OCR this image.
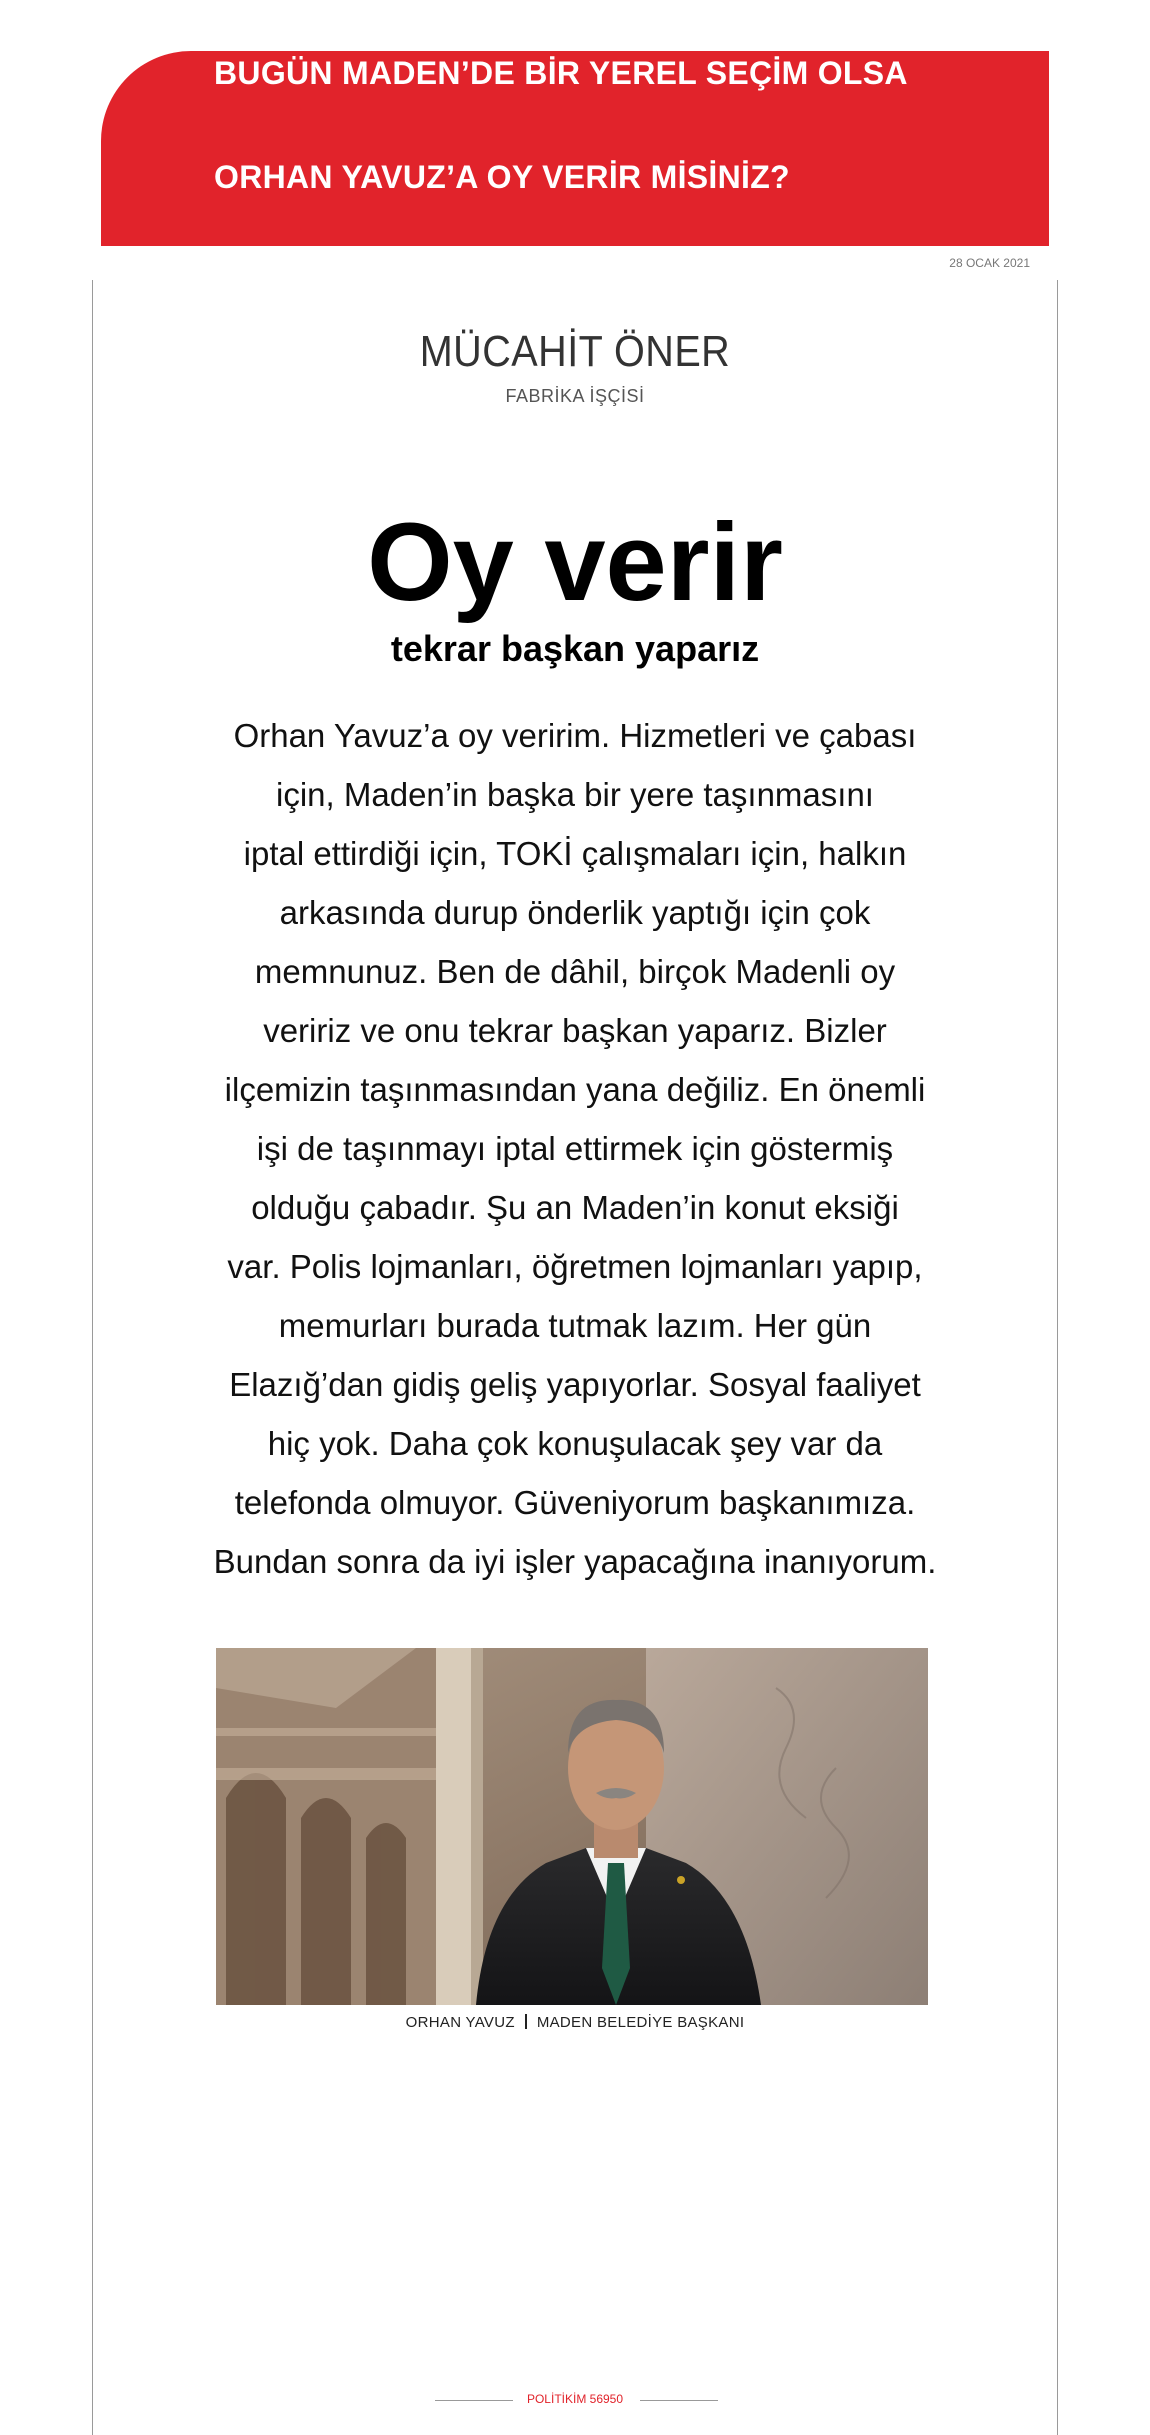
BUGÜN MADEN’DE BİR YEREL SEÇİM OLSA
ORHAN YAVUZ’A OY VERİR MİSİNİZ?
28 OCAK 2021
MÜCAHİT ÖNER
FABRİKA İŞÇİSİ
Oy verir
tekrar başkan yaparız

Orhan Yavuz’a oy veririm. Hizmetleri ve çabası

için, Maden’in başka bir yere taşınmasını

iptal ettirdiği için, TOKİ çalışmaları için, halkın

arkasında durup önderlik yaptığı için çok

memnunuz. Ben de dâhil, birçok Madenli oy

veririz ve onu tekrar başkan yaparız. Bizler

ilçemizin taşınmasından yana değiliz. En önemli

işi de taşınmayı iptal ettirmek için göstermiş

olduğu çabadır. Şu an Maden’in konut eksiği

var. Polis lojmanları, öğretmen lojmanları yapıp,

memurları burada tutmak lazım. Her gün

Elazığ’dan gidiş geliş yapıyorlar. Sosyal faaliyet

hiç yok. Daha çok konuşulacak şey var da

telefonda olmuyor. Güveniyorum başkanımıza.

Bundan sonra da iyi işler yapacağına inanıyorum.

ORHAN YAVUZ MADEN BELEDİYE BAŞKANI
POLİTİKİM 56950
